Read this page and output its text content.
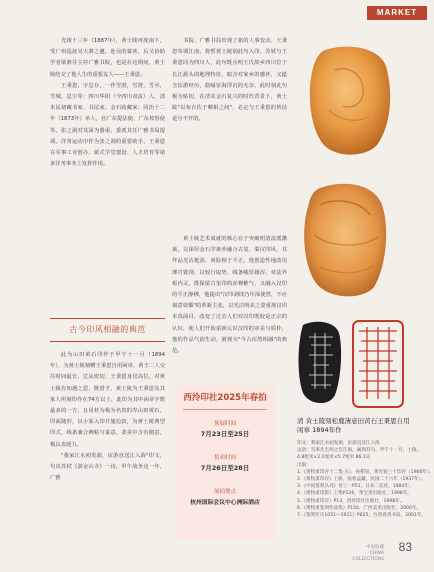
MARKET

光绪十三年（1887年），黄士陵再度南下，受广州巡抚吴大澂之邀，赴吴的幕客，后又协助学者梁鼎芬主持广雅书院，也是在这期间，黄士陵结交了他人生的重要友人——王秉恩。

王秉恩，字息存，一作雪澄，雪澄，雪丞，雪城，息尘等；四川华阳（今四川双流）人，清末民初藏书家、书法家、金石收藏家；同治十二年（1873年）举人，官广东提法使、广东按察使等。张之洞对其深为器重，委派其任广雅书局提调。洋务运动中作为张之洞的重要助手，王秉恩在军事工业创办、新式学堂建设、人才培育等诸多洋务事务上发挥作用。

古今印风相融的典范

此为山田黄石印作于甲午十一月（1894年），为黄士陵刻赠王秉恩自用闲章，黄王二人交往时间最长，过从密切，王秉恩身居高位，对黄士陵有知遇之恩，既惜才，黄士陵为王秉恩及其家人所刻印作在74方以上，此印为其中闲章字数最多的一方，且用材为极为名贵的寿山田黄石，印面随形，以小篆入印并施边款，为黄士陵典型印式，线条兼合碑帖与篆意，柔美中含有刚意，极具表现力。

"我家江水初发源，宦游直送江入海"印文，句出苏轼《游金山寺》一诗，甲午战争这一年，广雅

书院、广雅书局出现了新的人事变动，王秉恩奉调江南，将暂黄士陵别此句入印，苏轼与王秉恩同为四川人，此句既点明王氏故乡四川位于长江源头的地理特征，暗含对家乡的感怀，又蕴含宦游经历，隐喻宦海浮沉的无奈，此时刻此句极为贴切，在清末金石复兴的时代背景下，黄士陵"以布衣佐于卿相之间"，必定与王秉恩的帮扶是分不开的。

黄士陵艺术成就的核心在于突破明清流派藩篱，以深厚金石学素养融合古玺、秦汉印风，其作品光洁挺劲、爽险相于平正，他创造性地改用薄刃铣削，以较行取势，线条峻厚雄浑，章法外板内灵，既保留古玺印的浑穆稚气，又融入汉印的平正静穆，他提出"汉印剥蚀乃年深使然，不应刻意效颦"的革新主张，以光洁明美之姿重现汉印本真面目，改变了过去人们对汉印既较是正宗的认识，使人们开始重新认识汉印的审美与质朴，他的作品气韵生动，被视为"今古浑然相融"的典范。

西泠印社2025年春拍
预展时间
7月23日至25日
拍卖时间
7月26日至28日
展拍地点
杭州国际会议中心洲际酒店
清 黄士陵刻松鹿薄意田黄石王秉恩自用闲章 1894年作
印文：我家江水初发源，宦游直送江入海
边款：雪率先生两之官江海，属刻苏句。甲午十一月，士陵。
4.8厘米×2.2厘米×5.7厘米 86.1克
出版：
1.《黄牧甫印存十二集·五》，孙稻泉，黄先锐三十印存（1906年）。
2.《黄牧甫印存》上册，张鲁盒藏，民国二十六年（1937年）。
3.《中国篆刻丛刊》卷三一P51，日本二玄社，1984年。
4.《黄牧甫印影》上集P126，黄宝善出版社，1996年。
5.《黄牧甫印存》P13，西泠印社出版社，1998年。
6.《黄牧甫篆刻作品集》P150，广西美术出版社，2000年。
7.《篆刻年历1051—1911》P825，台湾真善书局，2001年。
中国收藏
CHINA COLLECTIONS
83
